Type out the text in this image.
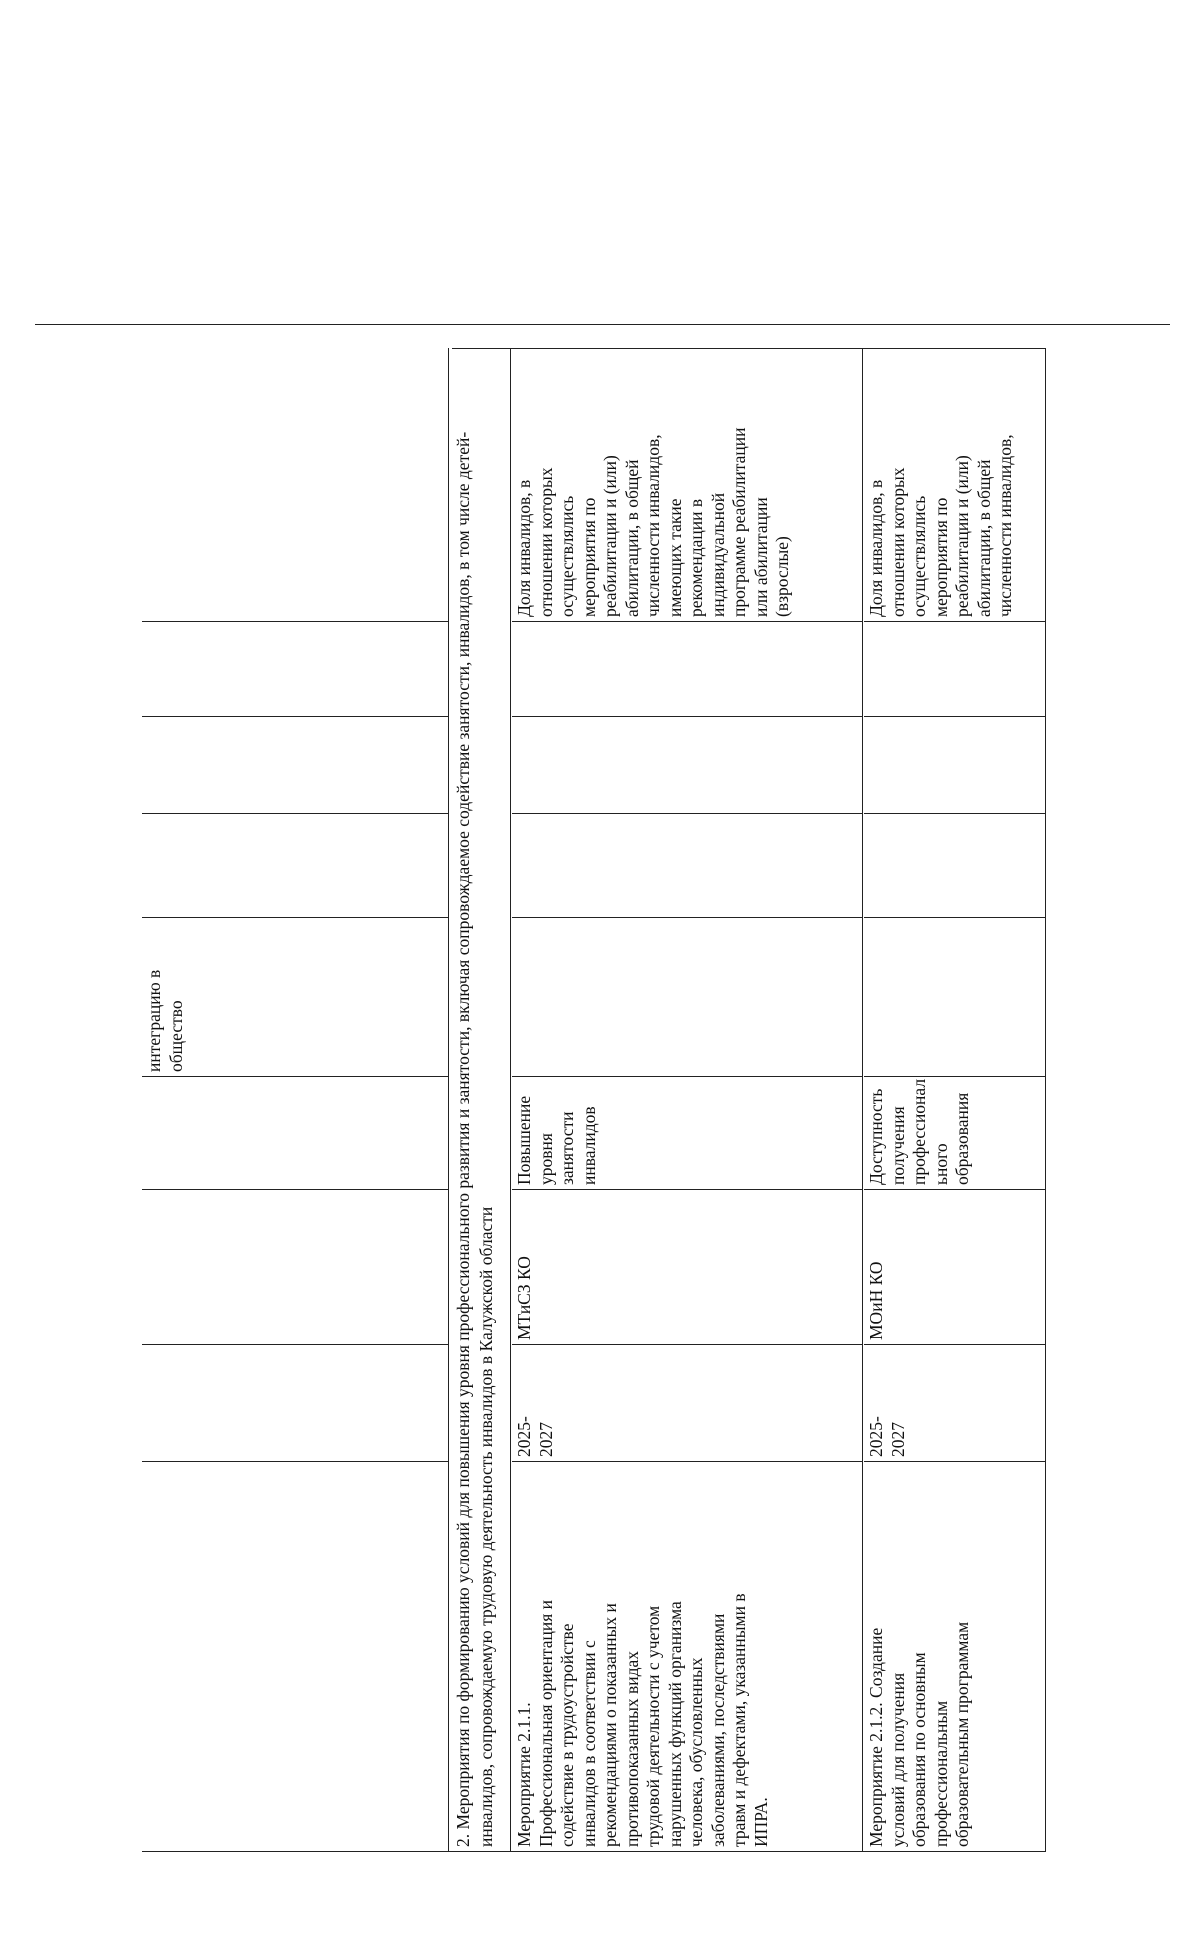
интеграцию в
общество	2. Мероприятия по формированию условий для повышения уровня профессионального развития и занятости, включая сопровождаемое содействие занятости, инвалидов, в том числе детей-инвалидов, сопровождаемую трудовую деятельность инвалидов в Калужской области Мероприятие 2.1.1.
Профессиональная ориентация и
содействие в трудоустройстве
инвалидов в соответствии с
рекомендациями о показанных и
противопоказанных видах
трудовой деятельности с учетом
нарушенных функций организма
человека, обусловленных
заболеваниями, последствиями
травм и дефектами, указанными в
ИПРА.
2025-
2027
МТиСЗ КО
Повышение
уровня
занятости
инвалидов
Доля инвалидов, в
отношении которых
осуществлялись
мероприятия по
реабилитации и (или)
абилитации, в общей
численности инвалидов,
имеющих такие
рекомендации в
индивидуальной
программе реабилитации
или абилитации
(взрослые)
Мероприятие 2.1.2. Создание
условий для получения
образования по основным
профессиональным
образовательным программам
2025-
2027
МОиН КО
Доступность
получения
профессионал
ьного
образования
Доля инвалидов, в
отношении которых
осуществлялись
мероприятия по
реабилитации и (или)
абилитации, в общей
численности инвалидов,
